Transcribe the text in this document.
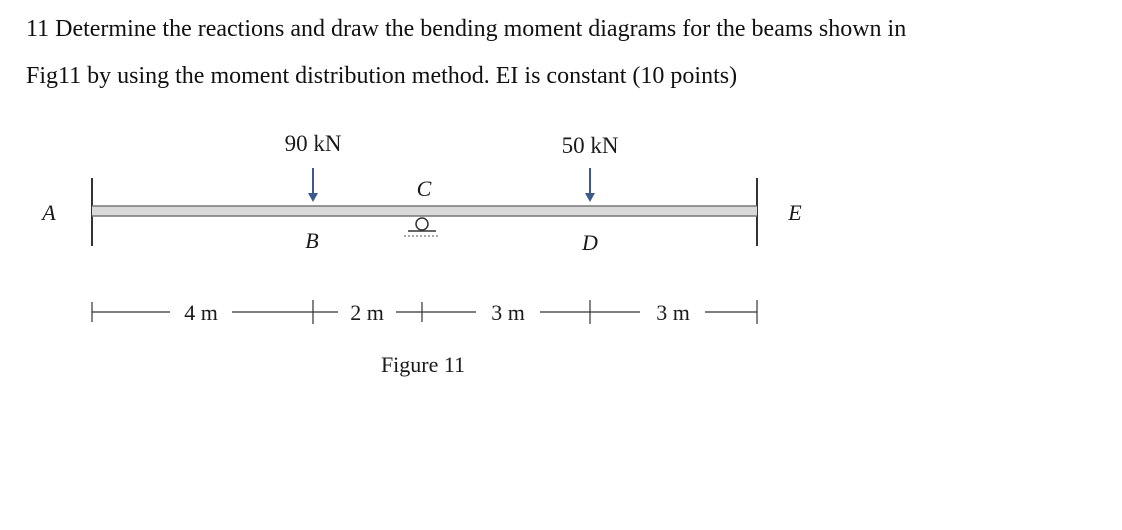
11 Determine the reactions and draw the bending moment diagrams for the beams shown in
Fig11 by using the moment distribution method. EI is constant (10 points)

90 kN	50 kN
A
B
C
D
E
4 m	2 m	3 m	3 m
Figure 11
